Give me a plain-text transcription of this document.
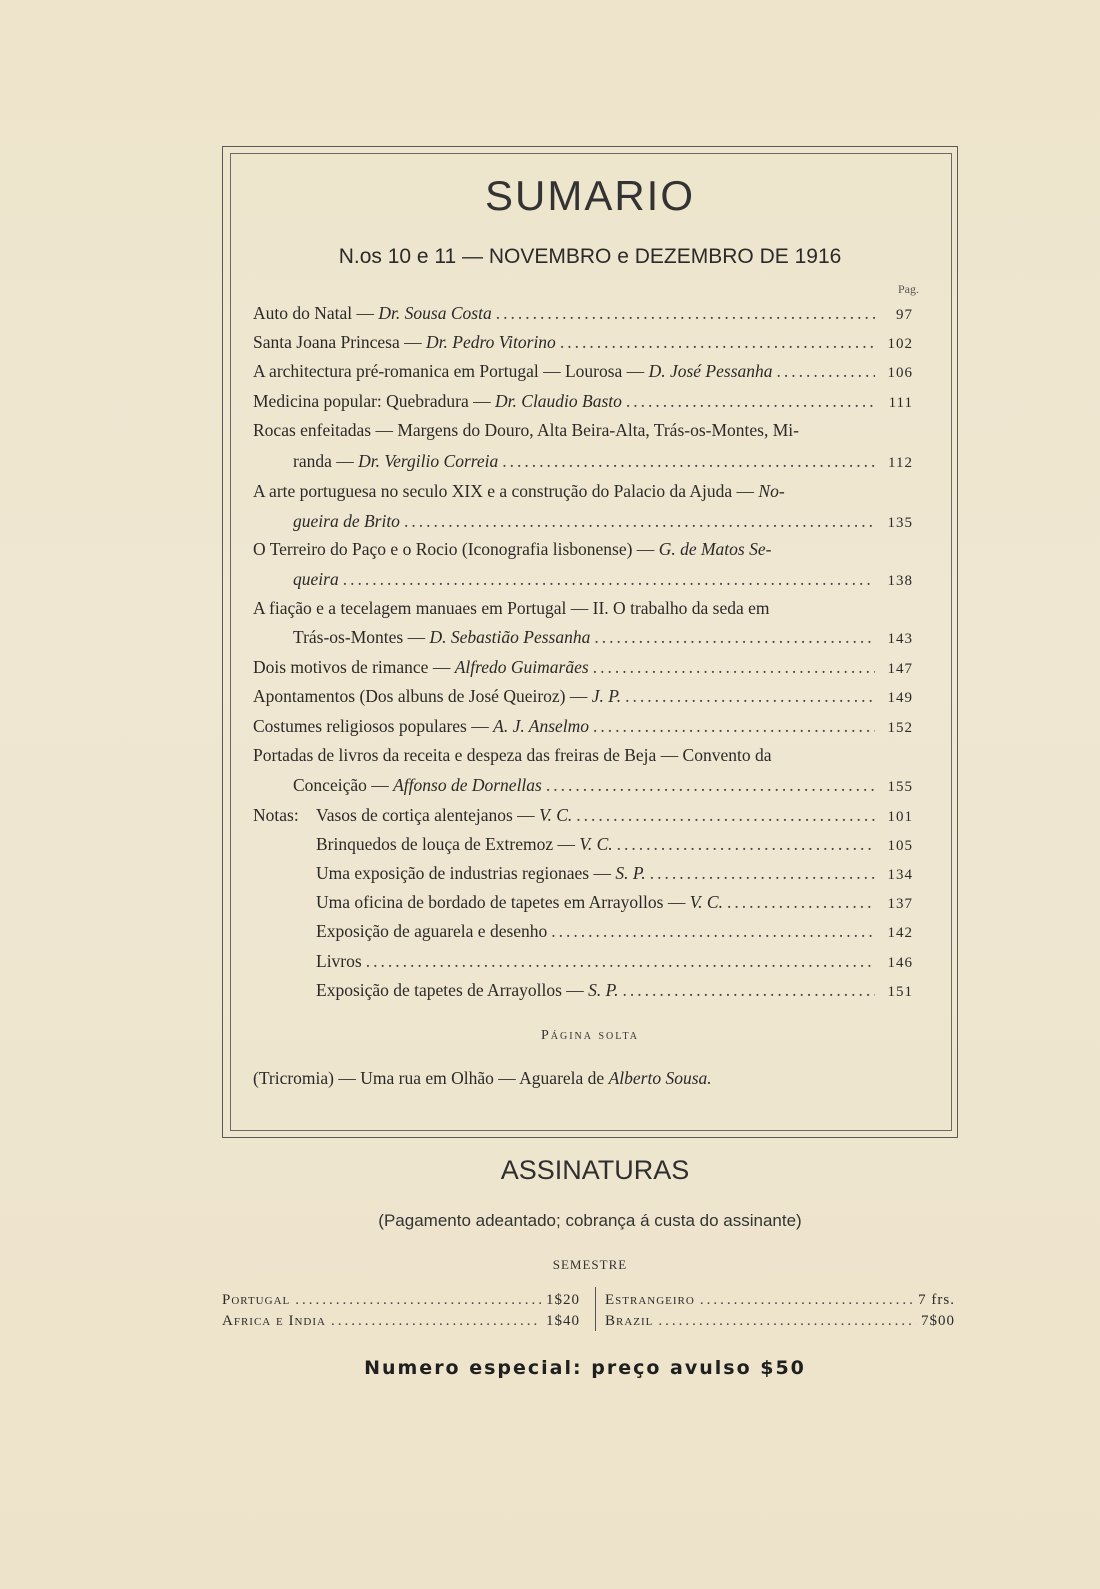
SUMARIO
N.os 10 e 11 — NOVEMBRO e DEZEMBRO DE 1916
Pag.
Auto do Natal — Dr. Sousa Costa .....	97
Santa Joana Princesa — Dr. Pedro Vitorino .....	102
A architectura pré-romanica em Portugal — Lourosa — D. José Pessanha .....	106
Medicina popular: Quebradura — Dr. Claudio Basto .....	111
Rocas enfeitadas — Margens do Douro, Alta Beira-Alta, Trás-os-Montes, Mi-
randa — Dr. Vergilio Correia .....	112
A arte portuguesa no seculo XIX e a construção do Palacio da Ajuda — No-
gueira de Brito .....	135
O Terreiro do Paço e o Rocio (Iconografia lisbonense) — G. de Matos Se-
queira .....	138
A fiação e a tecelagem manuaes em Portugal — II. O trabalho da seda em
Trás-os-Montes — D. Sebastião Pessanha .....	143
Dois motivos de rimance — Alfredo Guimarães .....	147
Apontamentos (Dos albuns de José Queiroz) — J. P. .....	149
Costumes religiosos populares — A. J. Anselmo .....	152
Portadas de livros da receita e despeza das freiras de Beja — Convento da
Conceição — Affonso de Dornellas .....	155
Notas: Vasos de cortiça alentejanos — V. C. .....	101
Brinquedos de louça de Extremoz — V. C. .....	105
Uma exposição de industrias regionaes — S. P. .....	134
Uma oficina de bordado de tapetes em Arrayollos — V. C. .....	137
Exposição de aguarela e desenho .....	142
Livros .....	146
Exposição de tapetes de Arrayollos — S. P. .....	151
Página solta
(Tricromia) — Uma rua em Olhão — Aguarela de Alberto Sousa.
ASSINATURAS
(Pagamento adeantado; cobrança á custa do assinante)
SEMESTRE
Portugal .....	1$20
Africa e India .....	1$40
Estrangeiro .....	7 frs.
Brazil .....	7$00
Numero especial: preço avulso $50
